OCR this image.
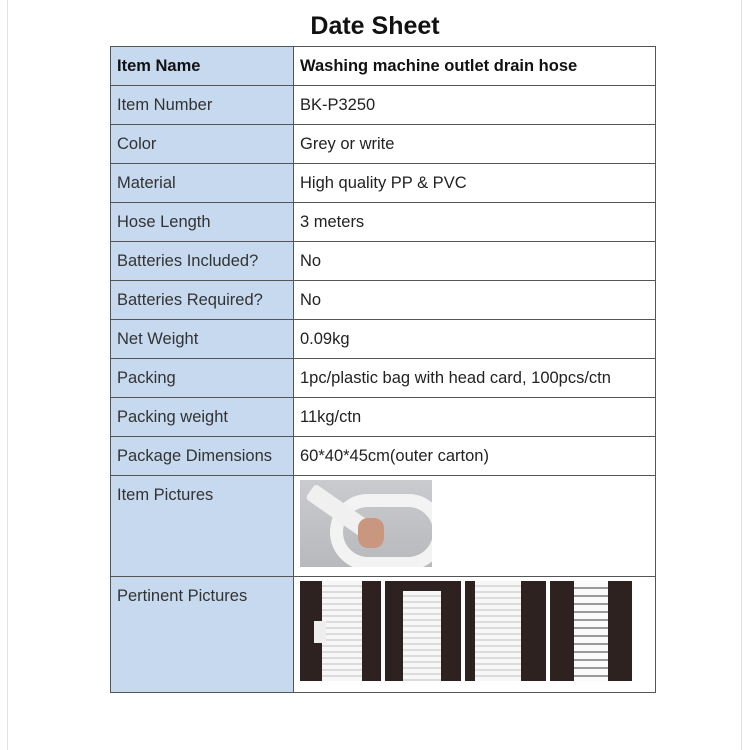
Date Sheet
Item Name	Washing machine outlet drain hose
Item Number	BK-P3250
Color	Grey or write
Material	High quality PP & PVC
Hose Length	3 meters
Batteries Included?	No
Batteries Required?	No
Net Weight	0.09kg
Packing	1pc/plastic bag with head card, 100pcs/ctn
Packing weight	11kg/ctn
Package Dimensions	60*40*45cm(outer carton)
Item Pictures	

Pertinent Pictures	
